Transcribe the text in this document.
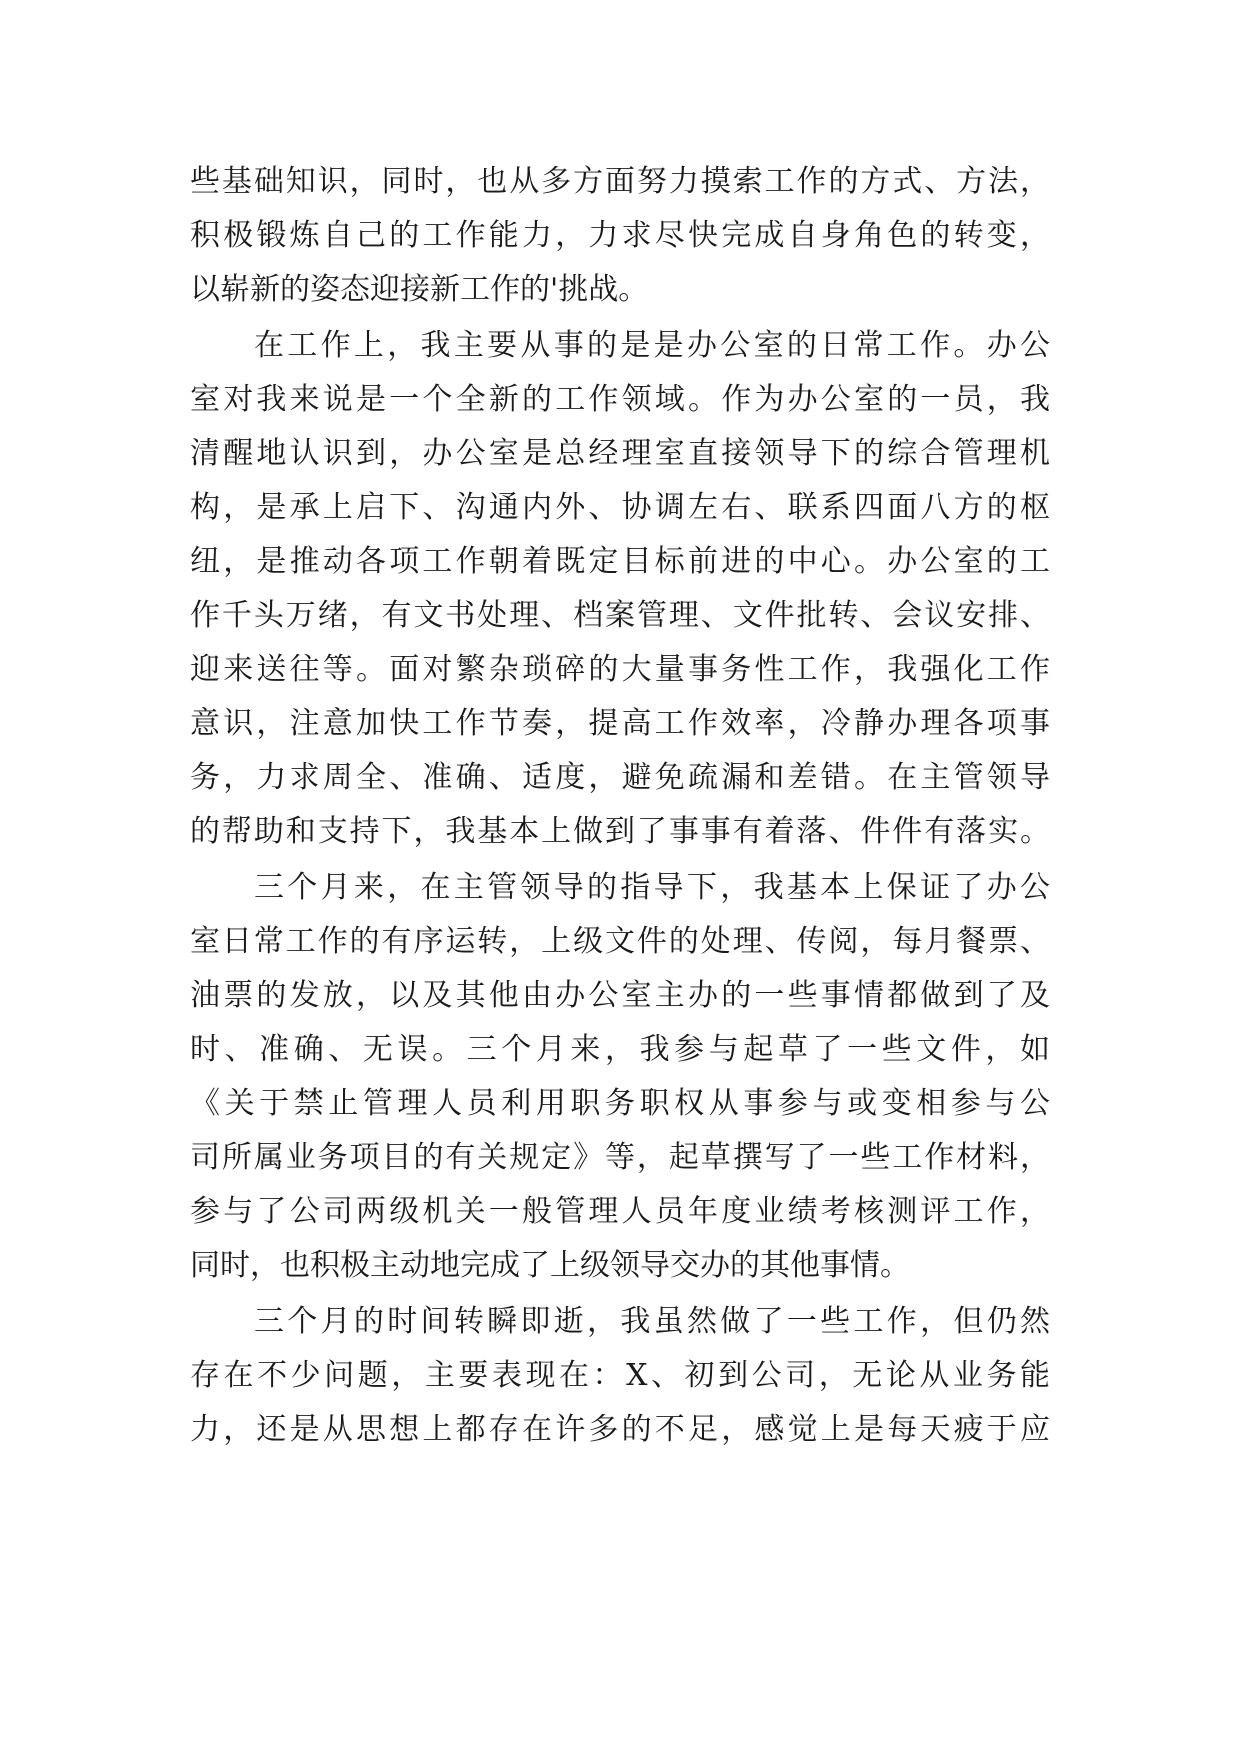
些基础知识，同时，也从多方面努力摸索工作的方式、方法，
积极锻炼自己的工作能力，力求尽快完成自身角色的转变，
以崭新的姿态迎接新工作的'挑战。
在工作上，我主要从事的是是办公室的日常工作。办公
室对我来说是一个全新的工作领域。作为办公室的一员，我
清醒地认识到，办公室是总经理室直接领导下的综合管理机
构，是承上启下、沟通内外、协调左右、联系四面八方的枢
纽，是推动各项工作朝着既定目标前进的中心。办公室的工
作千头万绪，有文书处理、档案管理、文件批转、会议安排、
迎来送往等。面对繁杂琐碎的大量事务性工作，我强化工作
意识，注意加快工作节奏，提高工作效率，冷静办理各项事
务，力求周全、准确、适度，避免疏漏和差错。在主管领导
的帮助和支持下，我基本上做到了事事有着落、件件有落实。
三个月来，在主管领导的指导下，我基本上保证了办公
室日常工作的有序运转，上级文件的处理、传阅，每月餐票、
油票的发放，以及其他由办公室主办的一些事情都做到了及
时、准确、无误。三个月来，我参与起草了一些文件，如
《关于禁止管理人员利用职务职权从事参与或变相参与公
司所属业务项目的有关规定》等，起草撰写了一些工作材料，
参与了公司两级机关一般管理人员年度业绩考核测评工作，
同时，也积极主动地完成了上级领导交办的其他事情。
三个月的时间转瞬即逝，我虽然做了一些工作，但仍然
存在不少问题，主要表现在：X、初到公司，无论从业务能
力，还是从思想上都存在许多的不足，感觉上是每天疲于应
